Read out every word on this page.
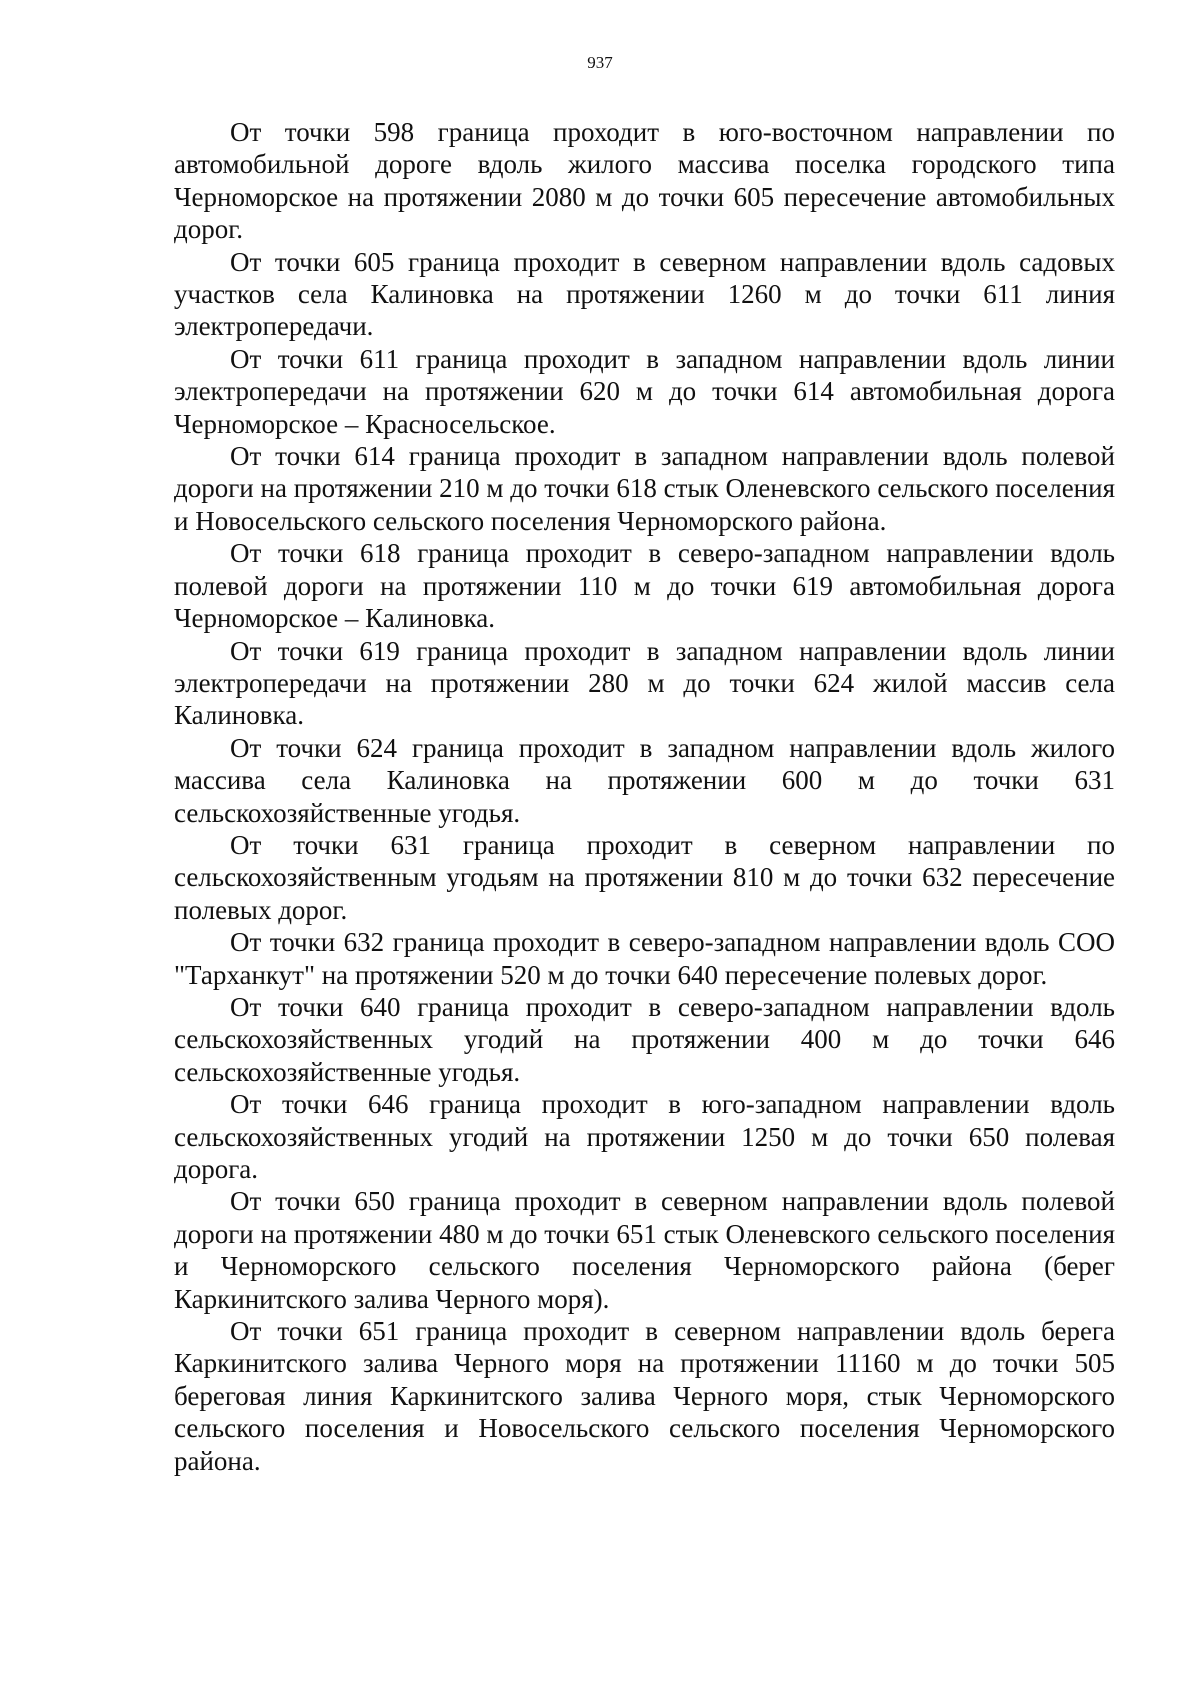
937

От точки 598 граница проходит в юго-восточном направлении по автомобильной дороге вдоль жилого массива поселка городского типа Черноморское на протяжении 2080 м до точки 605 пересечение автомобильных дорог.

От точки 605 граница проходит в северном направлении вдоль садовых участков села Калиновка на протяжении 1260 м до точки 611 линия электропередачи.

От точки 611 граница проходит в западном направлении вдоль линии электропередачи на протяжении 620 м до точки 614 автомобильная дорога Черноморское – Красносельское.

От точки 614 граница проходит в западном направлении вдоль полевой дороги на протяжении 210 м до точки 618 стык Оленевского сельского поселения и Новосельского сельского поселения Черноморского района.

От точки 618 граница проходит в северо-западном направлении вдоль полевой дороги на протяжении 110 м до точки 619 автомобильная дорога Черноморское – Калиновка.

От точки 619 граница проходит в западном направлении вдоль линии электропередачи на протяжении 280 м до точки 624 жилой массив села Калиновка.

От точки 624 граница проходит в западном направлении вдоль жилого массива села Калиновка на протяжении 600 м до точки 631 сельскохозяйственные угодья.

От точки 631 граница проходит в северном направлении по сельскохозяйственным угодьям на протяжении 810 м до точки 632 пересечение полевых дорог.

От точки 632 граница проходит в северо-западном направлении вдоль СОО "Тарханкут" на протяжении 520 м до точки 640 пересечение полевых дорог.

От точки 640 граница проходит в северо-западном направлении вдоль сельскохозяйственных угодий на протяжении 400 м до точки 646 сельскохозяйственные угодья.

От точки 646 граница проходит в юго-западном направлении вдоль сельскохозяйственных угодий на протяжении 1250 м до точки 650 полевая дорога.

От точки 650 граница проходит в северном направлении вдоль полевой дороги на протяжении 480 м до точки 651 стык Оленевского сельского поселения и Черноморского сельского поселения Черноморского района (берег Каркинитского залива Черного моря).

От точки 651 граница проходит в северном направлении вдоль берега Каркинитского залива Черного моря на протяжении 11160 м до точки 505 береговая линия Каркинитского залива Черного моря, стык Черноморского сельского поселения и Новосельского сельского поселения Черноморского района.
